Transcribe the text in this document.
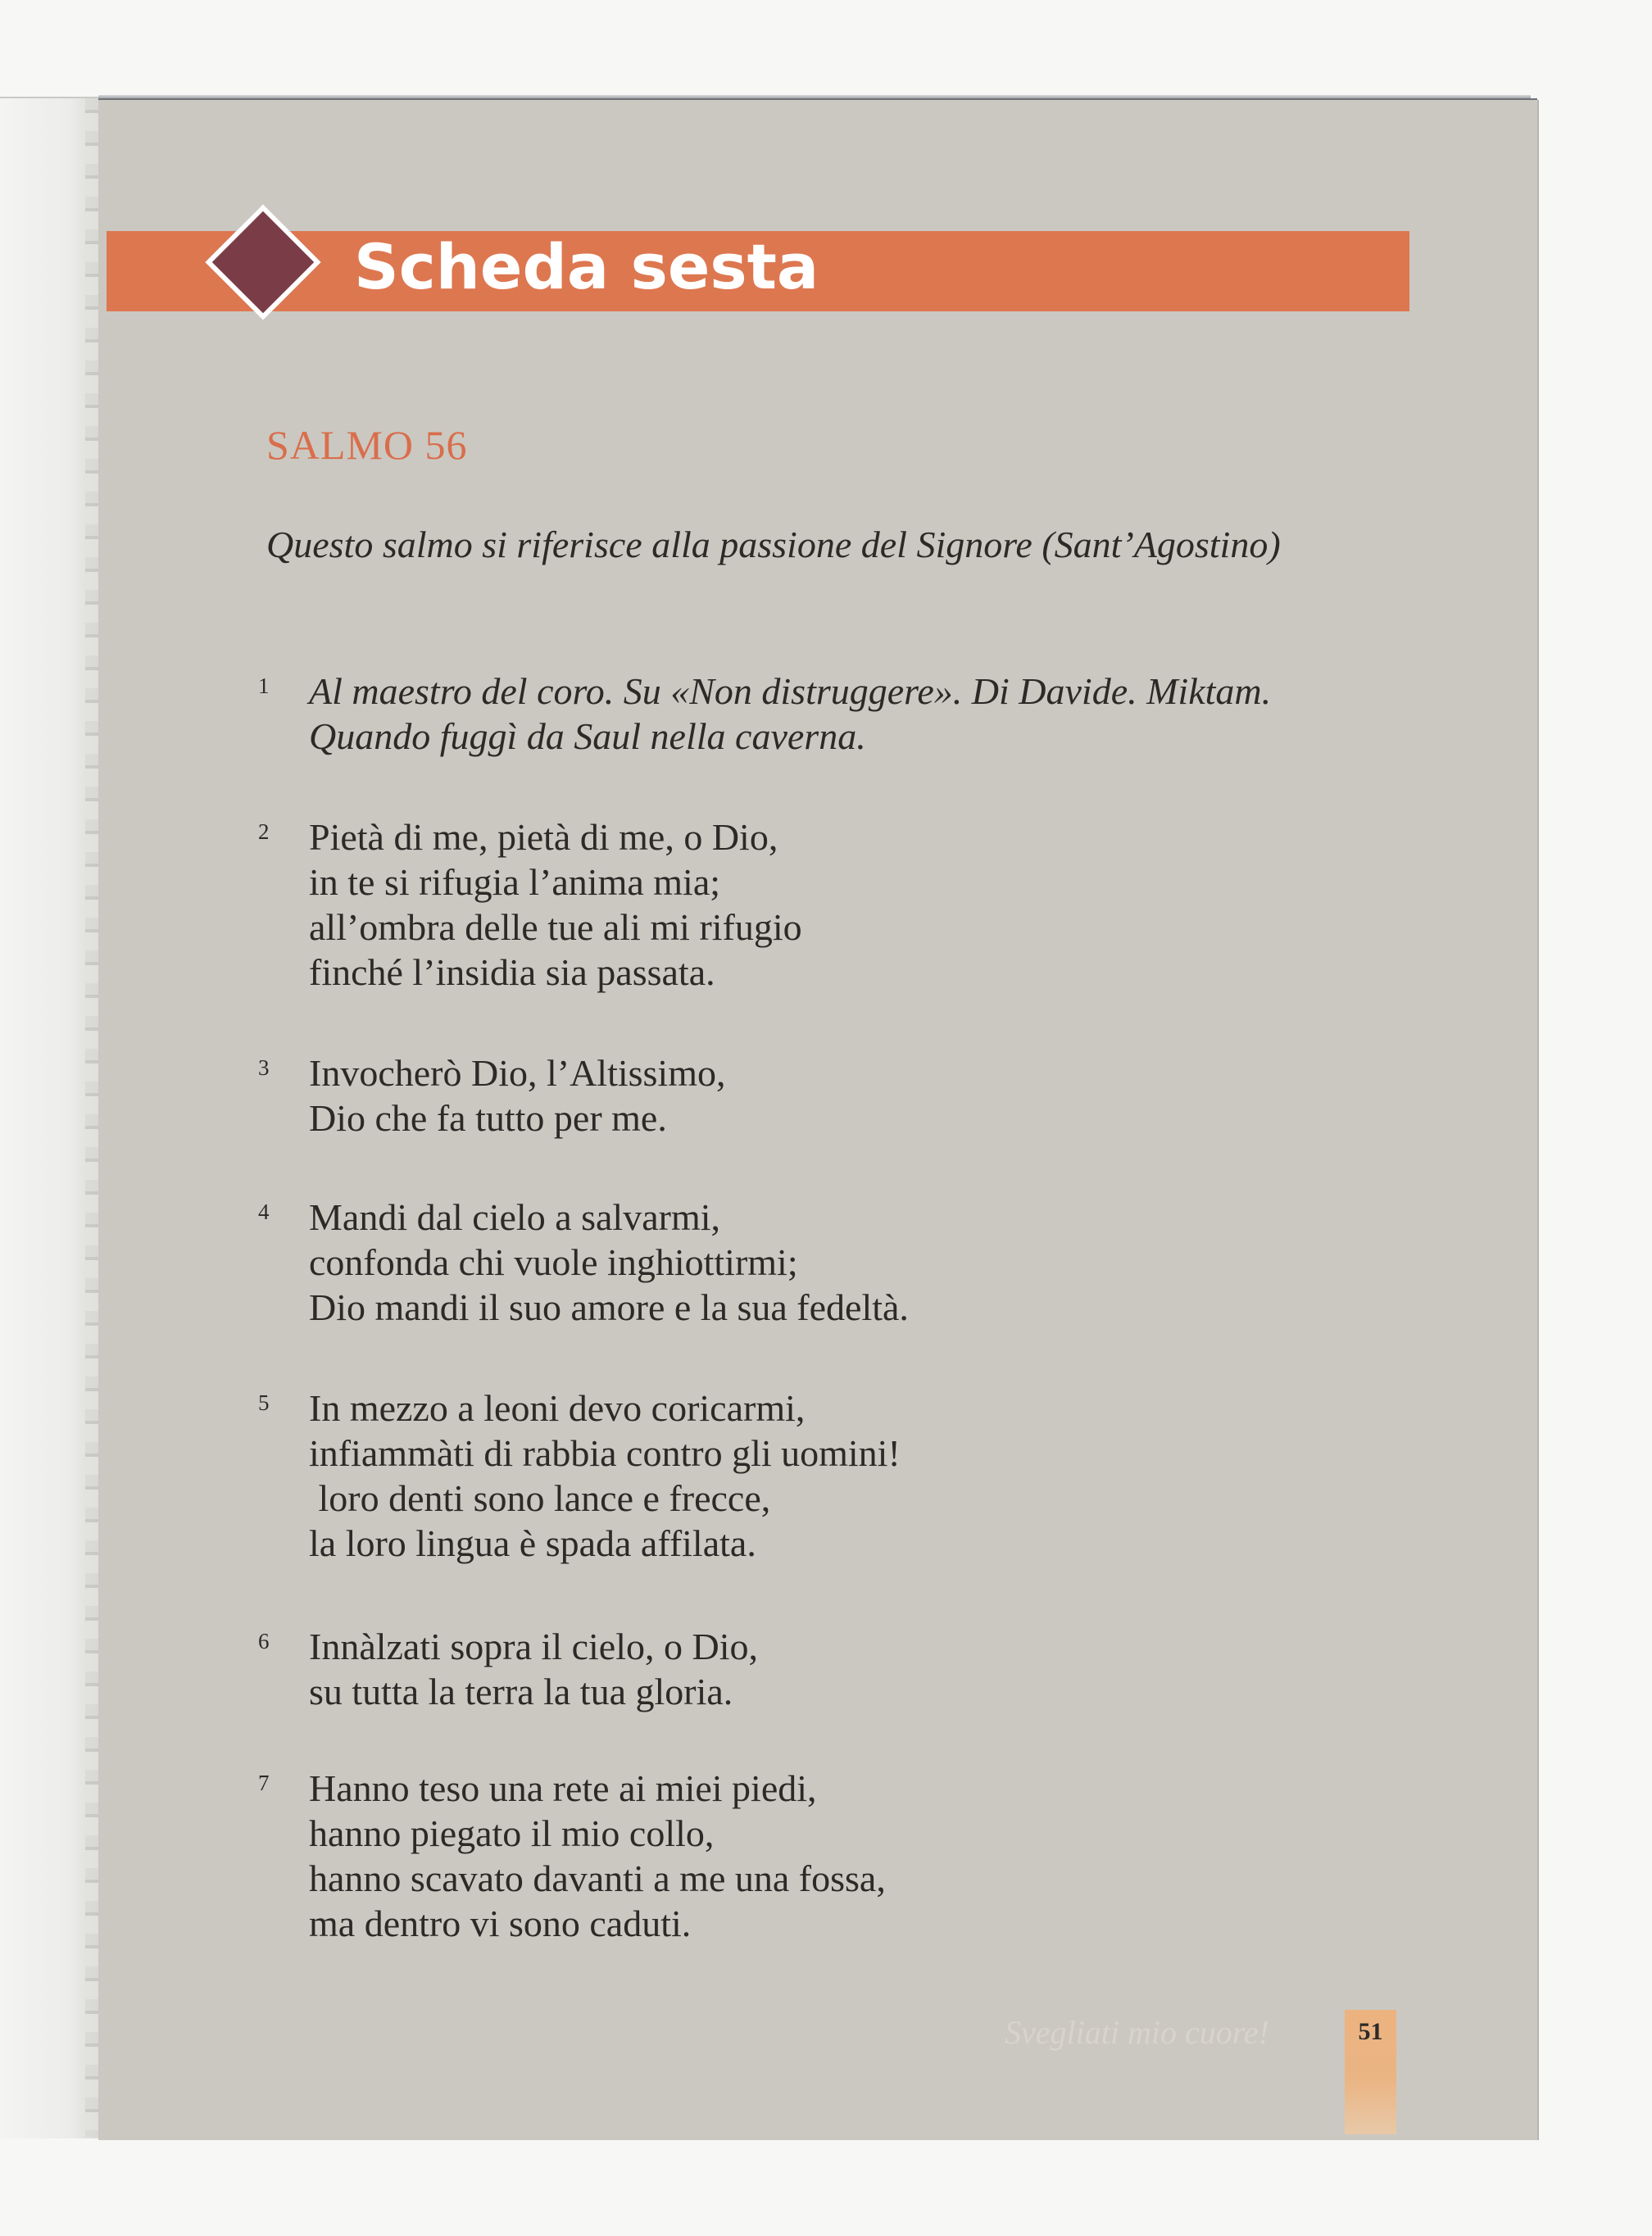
Scheda sesta
SALMO 56
Questo salmo si riferisce alla passione del Signore (Sant’Agostino)
1 Al maestro del coro. Su «Non distruggere». Di Davide. Miktam.
Quando fuggì da Saul nella caverna.
2 Pietà di me, pietà di me, o Dio,
in te si rifugia l’anima mia;
all’ombra delle tue ali mi rifugio
finché l’insidia sia passata.
3 Invocherò Dio, l’Altissimo,
Dio che fa tutto per me.
4 Mandi dal cielo a salvarmi,
confonda chi vuole inghiottirmi;
Dio mandi il suo amore e la sua fedeltà.
5 In mezzo a leoni devo coricarmi,
infiammàti di rabbia contro gli uomini!
loro denti sono lance e frecce,
la loro lingua è spada affilata.
6 Innàlzati sopra il cielo, o Dio,
su tutta la terra la tua gloria.
7 Hanno teso una rete ai miei piedi,
hanno piegato il mio collo,
hanno scavato davanti a me una fossa,
ma dentro vi sono caduti.
Svegliati mio cuore!	51
